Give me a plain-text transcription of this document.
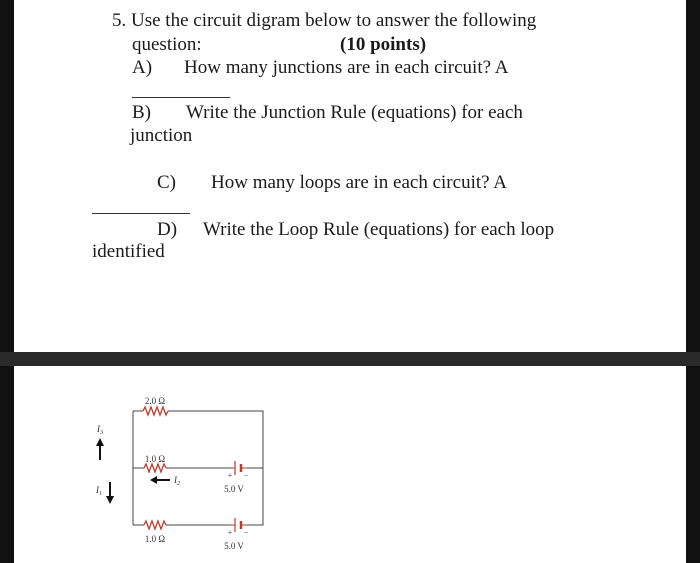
5. Use the circuit digram below to answer the following
question:	(10 points)
A) How many junctions are in each circuit? A
B) Write the Junction Rule (equations) for each
junction
C) How many loops are in each circuit? A
D) Write the Loop Rule (equations) for each loop
identified
2.0 Ω
1.0 Ω
1.0 Ω
5.0 V
5.0 V
+ −
+ −
$I_3$
$I_2$
$I_1$
